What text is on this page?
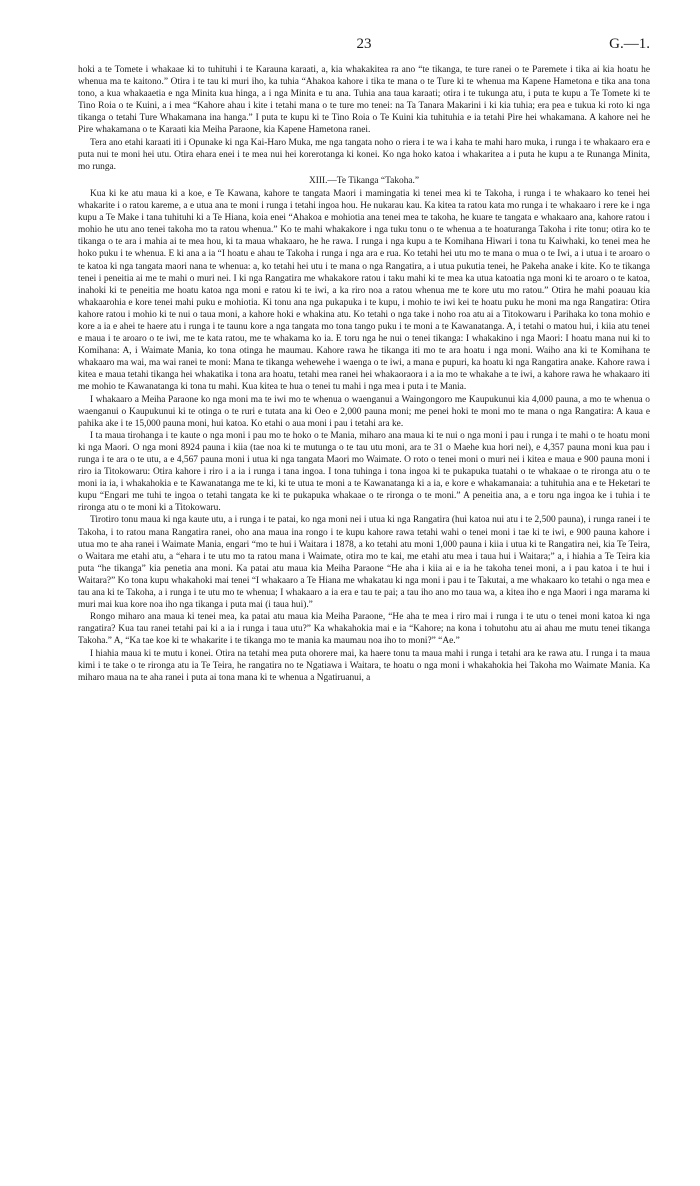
23	G.—1.

hoki a te Tomete i whakaae ki to tuhituhi i te Karauna karaati, a, kia whakakitea ra ano “te tikanga, te ture ranei o te Paremete i tika ai kia hoatu he whenua ma te kaitono.” Otira i te tau ki muri iho, ka tuhia “Ahakoa kahore i tika te mana o te Ture ki te whenua ma Kapene Hametona e tika ana tona tono, a kua whakaaetia e nga Minita kua hinga, a i nga Minita e tu ana. Tuhia ana taua karaati; otira i te tukunga atu, i puta te kupu a Te Tomete ki te Tino Roia o te Kuini, a i mea “Kahore ahau i kite i tetahi mana o te ture mo tenei: na Ta Tanara Makarini i ki kia tuhia; era pea e tukua ki roto ki nga tikanga o tetahi Ture Whakamana ina hanga.” I puta te kupu ki te Tino Roia o Te Kuini kia tuhituhia e ia tetahi Pire hei whakamana. A kahore nei he Pire whakamana o te Karaati kia Meiha Paraone, kia Kapene Hametona ranei.

Tera ano etahi karaati iti i Opunake ki nga Kai-Haro Muka, me nga tangata noho o riera i te wa i kaha te mahi haro muka, i runga i te whakaaro era e puta nui te moni hei utu. Otira ehara enei i te mea nui hei korerotanga ki konei. Ko nga hoko katoa i whakaritea a i puta he kupu a te Runanga Minita, mo runga.

XIII.—Te Tikanga “Takoha.”

Kua ki ke atu maua ki a koe, e Te Kawana, kahore te tangata Maori i mamingatia ki tenei mea ki te Takoha, i runga i te whakaaro ko tenei hei whakarite i o ratou kareme, a e utua ana te moni i runga i tetahi ingoa hou. He nukarau kau. Ka kitea ta ratou kata mo runga i te whakaaro i rere ke i nga kupu a Te Make i tana tuhituhi ki a Te Hiana, koia enei “Ahakoa e mohiotia ana tenei mea te takoha, he kuare te tangata e whakaaro ana, kahore ratou i mohio he utu ano tenei takoha mo ta ratou whenua.” Ko te mahi whakakore i nga tuku tonu o te whenua a te hoaturanga Takoha i rite tonu; otira ko te tikanga o te ara i mahia ai te mea hou, ki ta maua whakaaro, he he rawa. I runga i nga kupu a te Komihana Hiwari i tona tu Kaiwhaki, ko tenei mea he hoko puku i te whenua. E ki ana a ia “I hoatu e ahau te Takoha i runga i nga ara e rua. Ko tetahi hei utu mo te mana o mua o te Iwi, a i utua i te aroaro o te katoa ki nga tangata maori nana te whenua: a, ko tetahi hei utu i te mana o nga Rangatira, a i utua pukutia tenei, he Pakeha anake i kite. Ko te tikanga tenei i peneitia ai me te mahi o muri nei. I ki nga Rangatira me whakakore ratou i taku mahi ki te mea ka utua katoatia nga moni ki te aroaro o te katoa, inahoki ki te peneitia me hoatu katoa nga moni e ratou ki te iwi, a ka riro noa a ratou whenua me te kore utu mo ratou.” Otira he mahi poauau kia whakaarohia e kore tenei mahi puku e mohiotia. Ki tonu ana nga pukapuka i te kupu, i mohio te iwi kei te hoatu puku he moni ma nga Rangatira: Otira kahore ratou i mohio ki te nui o taua moni, a kahore hoki e whakina atu. Ko tetahi o nga take i noho roa atu ai a Titokowaru i Parihaka ko tona mohio e kore a ia e ahei te haere atu i runga i te taunu kore a nga tangata mo tona tango puku i te moni a te Kawanatanga. A, i tetahi o matou hui, i kiia atu tenei e maua i te aroaro o te iwi, me te kata ratou, me te whakama ko ia. E toru nga he nui o tenei tikanga: I whakakino i nga Maori: I hoatu mana nui ki to Komihana: A, i Waimate Mania, ko tona otinga he maumau. Kahore rawa he tikanga iti mo te ara hoatu i nga moni. Waiho ana ki te Komihana te whakaaro ma wai, ma wai ranei te moni: Mana te tikanga wehewehe i waenga o te iwi, a mana e pupuri, ka hoatu ki nga Rangatira anake. Kahore rawa i kitea e maua tetahi tikanga hei whakatika i tona ara hoatu, tetahi mea ranei hei whakaoraora i a ia mo te whakahe a te iwi, a kahore rawa he whakaaro iti me mohio te Kawanatanga ki tona tu mahi. Kua kitea te hua o tenei tu mahi i nga mea i puta i te Mania.

I whakaaro a Meiha Paraone ko nga moni ma te iwi mo te whenua o waenganui a Waingongoro me Kaupukunui kia 4,000 pauna, a mo te whenua o waenganui o Kaupukunui ki te otinga o te ruri e tutata ana ki Oeo e 2,000 pauna moni; me penei hoki te moni mo te mana o nga Rangatira: A kaua e pahika ake i te 15,000 pauna moni, hui katoa. Ko etahi o aua moni i pau i tetahi ara ke.

I ta maua tirohanga i te kaute o nga moni i pau mo te hoko o te Mania, miharo ana maua ki te nui o nga moni i pau i runga i te mahi o te hoatu moni ki nga Maori. O nga moni 8924 pauna i kiia (tae noa ki te mutunga o te tau utu moni, ara te 31 o Maehe kua hori nei), e 4,357 pauna moni kua pau i runga i te ara o te utu, a e 4,567 pauna moni i utua ki nga tangata Maori mo Waimate. O roto o tenei moni o muri nei i kitea e maua e 900 pauna moni i riro ia Titokowaru: Otira kahore i riro i a ia i runga i tana ingoa. I tona tuhinga i tona ingoa ki te pukapuka tuatahi o te whakaae o te rironga atu o te moni ia ia, i whakahokia e te Kawanatanga me te ki, ki te utua te moni a te Kawanatanga ki a ia, e kore e whakamanaia: a tuhituhia ana e te Heketari te kupu “Engari me tuhi te ingoa o tetahi tangata ke ki te pukapuka whakaae o te rironga o te moni.” A peneitia ana, a e toru nga ingoa ke i tuhia i te rironga atu o te moni ki a Titokowaru.

Tirotiro tonu maua ki nga kaute utu, a i runga i te patai, ko nga moni nei i utua ki nga Rangatira (hui katoa nui atu i te 2,500 pauna), i runga ranei i te Takoha, i to ratou mana Rangatira ranei, oho ana maua ina rongo i te kupu kahore rawa tetahi wahi o tenei moni i tae ki te iwi, e 900 pauna kahore i utua mo te aha ranei i Waimate Mania, engari “mo te hui i Waitara i 1878, a ko tetahi atu moni 1,000 pauna i kiia i utua ki te Rangatira nei, kia Te Teira, o Waitara me etahi atu, a “ehara i te utu mo ta ratou mana i Waimate, otira mo te kai, me etahi atu mea i taua hui i Waitara;” a, i hiahia a Te Teira kia puta “he tikanga” kia penetia ana moni. Ka patai atu maua kia Meiha Paraone “He aha i kiia ai e ia he takoha tenei moni, a i pau katoa i te hui i Waitara?” Ko tona kupu whakahoki mai tenei “I whakaaro a Te Hiana me whakatau ki nga moni i pau i te Takutai, a me whakaaro ko tetahi o nga mea e tau ana ki te Takoha, a i runga i te utu mo te whenua; I whakaaro a ia era e tau te pai; a tau iho ano mo taua wa, a kitea iho e nga Maori i nga marama ki muri mai kua kore noa iho nga tikanga i puta mai (i taua hui).”

Rongo miharo ana maua ki tenei mea, ka patai atu maua kia Meiha Paraone, “He aha te mea i riro mai i runga i te utu o tenei moni katoa ki nga rangatira? Kua tau ranei tetahi pai ki a ia i runga i taua utu?” Ka whakahokia mai e ia “Kahore; na kona i tohutohu atu ai ahau me mutu tenei tikanga Takoha.” A, “Ka tae koe ki te whakarite i te tikanga mo te mania ka maumau noa iho to moni?” “Ae.”

I hiahia maua ki te mutu i konei. Otira na tetahi mea puta ohorere mai, ka haere tonu ta maua mahi i runga i tetahi ara ke rawa atu. I runga i ta maua kimi i te take o te rironga atu ia Te Teira, he rangatira no te Ngatiawa i Waitara, te hoatu o nga moni i whakahokia hei Takoha mo Waimate Mania. Ka miharo maua na te aha ranei i puta ai tona mana ki te whenua a Ngatiruanui, a
